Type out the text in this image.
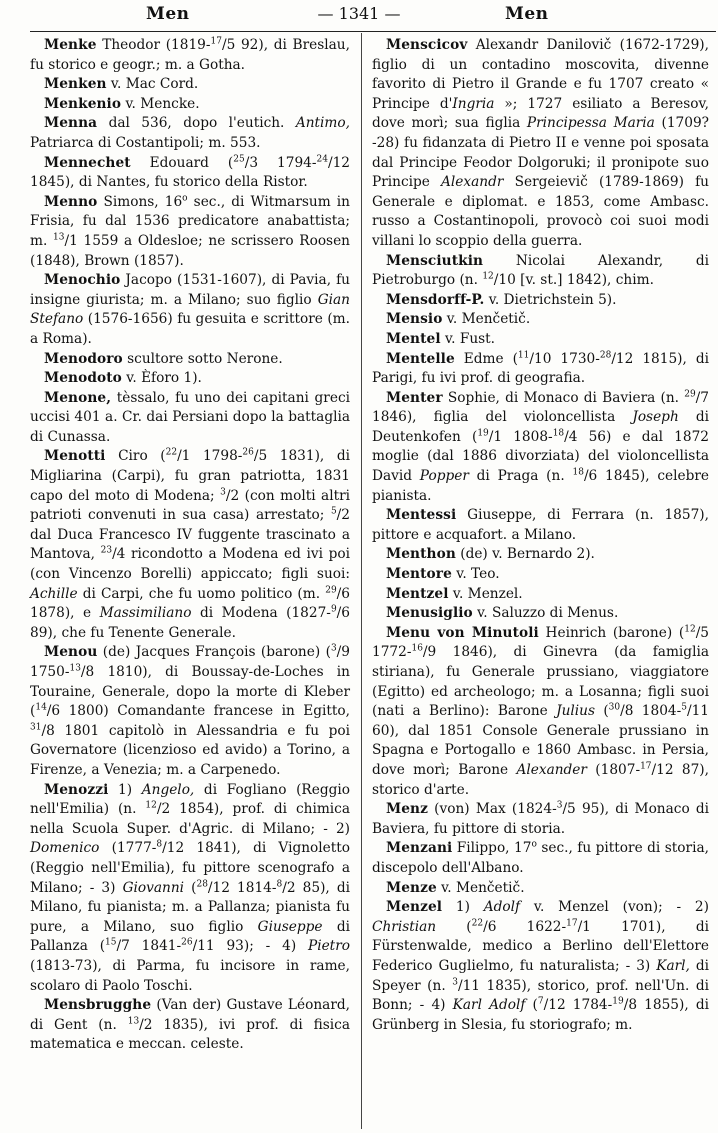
Men	— 1341 —	Men

Menke Theodor (1819-$^{17}$/5 92), di Breslau, fu storico e geogr.; m. a Gotha.

Menken v. Mac Cord.

Menkenio v. Mencke.

Menna dal 536, dopo l'eutich. Antimo, Patriarca di Costantipoli; m. 553.

Mennechet Edouard ($^{25}$/3 1794-$^{24}$/12 1845), di Nantes, fu storico della Ristor.

Menno Simons, 16$^o$ sec., di Witmarsum in Frisia, fu dal 1536 predicatore anabattista; m. $^{13}$/1 1559 a Oldesloe; ne scrissero Roosen (1848), Brown (1857).

Menochio Jacopo (1531-1607), di Pavia, fu insigne giurista; m. a Milano; suo figlio Gian Stefano (1576-1656) fu gesuita e scrittore (m. a Roma).

Menodoro scultore sotto Nerone.

Menodoto v. Èforo 1).

Menone, tèssalo, fu uno dei capitani greci uccisi 401 a. Cr. dai Persiani dopo la battaglia di Cunassa.

Menotti Ciro ($^{22}$/1 1798-$^{26}$/5 1831), di Migliarina (Carpi), fu gran patriotta, 1831 capo del moto di Modena; $^3$/2 (con molti altri patrioti convenuti in sua casa) arrestato; $^5$/2 dal Duca Francesco IV fuggente trascinato a Mantova, $^{23}$/4 ricondotto a Modena ed ivi poi (con Vincenzo Borelli) appiccato; figli suoi: Achille di Carpi, che fu uomo politico (m. $^{29}$/6 1878), e Massimiliano di Modena (1827-$^9$/6 89), che fu Tenente Generale.

Menou (de) Jacques François (barone) ($^3$/9 1750-$^{13}$/8 1810), di Boussay-de-Loches in Touraine, Generale, dopo la morte di Kleber ($^{14}$/6 1800) Comandante francese in Egitto, $^{31}$/8 1801 capitolò in Alessandria e fu poi Governatore (licenzioso ed avido) a Torino, a Firenze, a Venezia; m. a Carpenedo.

Menozzi 1) Angelo, di Fogliano (Reggio nell'Emilia) (n. $^{12}$/2 1854), prof. di chimica nella Scuola Super. d'Agric. di Milano; - 2) Domenico (1777-$^8$/12 1841), di Vignoletto (Reggio nell'Emilia), fu pittore scenografo a Milano; - 3) Giovanni ($^{28}$/12 1814-$^8$/2 85), di Milano, fu pianista; m. a Pallanza; pianista fu pure, a Milano, suo figlio Giuseppe di Pallanza ($^{15}$/7 1841-$^{26}$/11 93); - 4) Pietro (1813-73), di Parma, fu incisore in rame, scolaro di Paolo Toschi.

Mensbrugghe (Van der) Gustave Léonard, di Gent (n. $^{13}$/2 1835), ivi prof. di fisica matematica e meccan. celeste.

Menscicov Alexandr Danilovič (1672-1729), figlio di un contadino moscovita, divenne favorito di Pietro il Grande e fu 1707 creato « Principe d'Ingria »; 1727 esiliato a Beresov, dove morì; sua figlia Principessa Maria (1709?-28) fu fidanzata di Pietro II e venne poi sposata dal Principe Feodor Dolgoruki; il pronipote suo Principe Alexandr Sergeievič (1789-1869) fu Generale e diplomat. e 1853, come Ambasc. russo a Costantinopoli, provocò coi suoi modi villani lo scoppio della guerra.

Mensciutkin Nicolai Alexandr, di Pietroburgo (n. $^{12}$/10 [v. st.] 1842), chim.

Mensdorff-P. v. Dietrichstein 5).

Mensio v. Menčetič.

Mentel v. Fust.

Mentelle Edme ($^{11}$/10 1730-$^{28}$/12 1815), di Parigi, fu ivi prof. di geografia.

Menter Sophie, di Monaco di Baviera (n. $^{29}$/7 1846), figlia del violoncellista Joseph di Deutenkofen ($^{19}$/1 1808-$^{18}$/4 56) e dal 1872 moglie (dal 1886 divorziata) del violoncellista David Popper di Praga (n. $^{18}$/6 1845), celebre pianista.

Mentessi Giuseppe, di Ferrara (n. 1857), pittore e acquafort. a Milano.

Menthon (de) v. Bernardo 2).

Mentore v. Teo.

Mentzel v. Menzel.

Menusiglio v. Saluzzo di Menus.

Menu von Minutoli Heinrich (barone) ($^{12}$/5 1772-$^{16}$/9 1846), di Ginevra (da famiglia stiriana), fu Generale prussiano, viaggiatore (Egitto) ed archeologo; m. a Losanna; figli suoi (nati a Berlino): Barone Julius ($^{30}$/8 1804-$^5$/11 60), dal 1851 Console Generale prussiano in Spagna e Portogallo e 1860 Ambasc. in Persia, dove morì; Barone Alexander (1807-$^{17}$/12 87), storico d'arte.

Menz (von) Max (1824-$^3$/5 95), di Monaco di Baviera, fu pittore di storia.

Menzani Filippo, 17$^o$ sec., fu pittore di storia, discepolo dell'Albano.

Menze v. Menčetič.

Menzel 1) Adolf v. Menzel (von); - 2) Christian ($^{22}$/6 1622-$^{17}$/1 1701), di Fürstenwalde, medico a Berlino dell'Elettore Federico Guglielmo, fu naturalista; - 3) Karl, di Speyer (n. $^3$/11 1835), storico, prof. nell'Un. di Bonn; - 4) Karl Adolf ($^7$/12 1784-$^{19}$/8 1855), di Grünberg in Slesia, fu storiografo; m.
